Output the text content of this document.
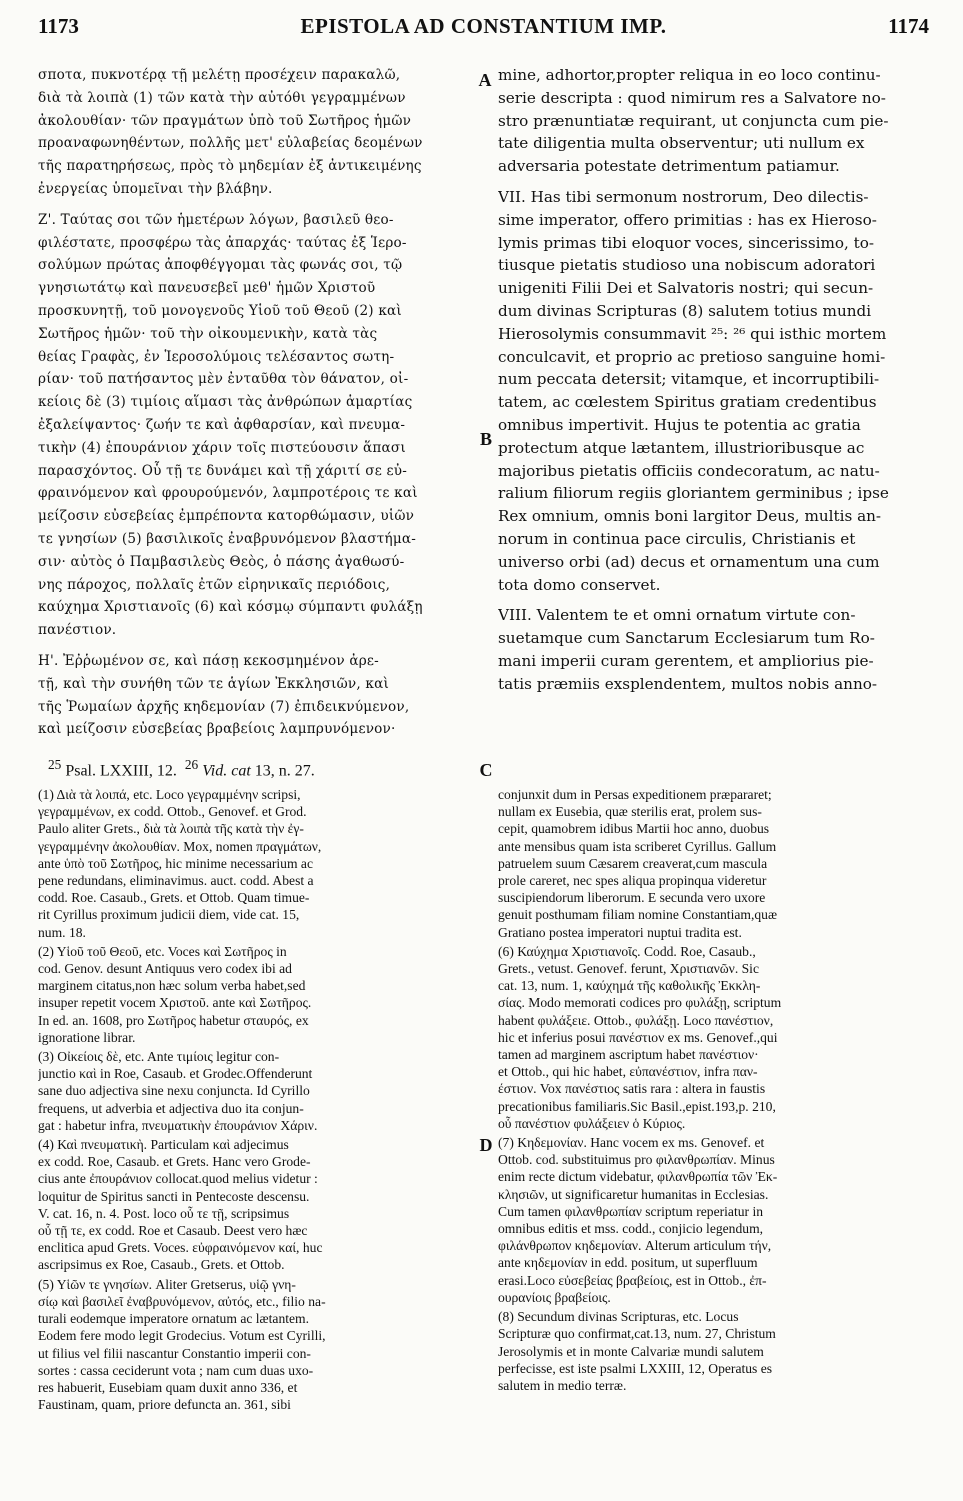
1173	EPISTOLA AD CONSTANTIUM IMP.	1174

σποτα, πυκνοτέρᾳ τῇ μελέτῃ προσέχειν παρακαλῶ,
διὰ τὰ λοιπὰ (1) τῶν κατὰ τὴν αὐτόθι γεγραμμένων
ἀκολουθίαν· τῶν πραγμάτων ὑπὸ τοῦ Σωτῆρος ἡμῶν
προαναφωνηθέντων, πολλῆς μετ' εὐλαβείας δεομένων
τῆς παρατηρήσεως, πρὸς τὸ μηδεμίαν ἐξ ἀντικειμένης
ἐνεργείας ὑπομεῖναι τὴν βλάβην.

Ζ'. Ταύτας σοι τῶν ἡμετέρων λόγων, βασιλεῦ θεο-
φιλέστατε, προσφέρω τὰς ἀπαρχάς· ταύτας ἐξ Ἱερο-
σολύμων πρώτας ἀποφθέγγομαι τὰς φωνάς σοι, τῷ
γνησιωτάτῳ καὶ πανευσεβεῖ μεθ' ἡμῶν Χριστοῦ
προσκυνητῇ, τοῦ μονογενοῦς Υἱοῦ τοῦ Θεοῦ (2) καὶ
Σωτῆρος ἡμῶν· τοῦ τὴν οἰκουμενικὴν, κατὰ τὰς
θείας Γραφὰς, ἐν Ἱεροσολύμοις τελέσαντος σωτη-
ρίαν· τοῦ πατήσαντος μὲν ἐνταῦθα τὸν θάνατον, οἰ-
κείοις δὲ (3) τιμίοις αἵμασι τὰς ἀνθρώπων ἁμαρτίας
ἐξαλείψαντος· ζωήν τε καὶ ἀφθαρσίαν, καὶ πνευμα-
τικὴν (4) ἐπουράνιον χάριν τοῖς πιστεύουσιν ἅπασι
παρασχόντος. Οὗ τῇ τε δυνάμει καὶ τῇ χάριτί σε εὐ-
φραινόμενον καὶ φρουρούμενόν, λαμπροτέροις τε καὶ
μείζοσιν εὐσεβείας ἐμπρέποντα κατορθώμασιν, υἱῶν
τε γνησίων (5) βασιλικοῖς ἐναβρυνόμενον βλαστήμα-
σιν· αὐτὸς ὁ Παμβασιλεὺς Θεὸς, ὁ πάσης ἀγαθωσύ-
νης πάροχος, πολλαῖς ἐτῶν εἰρηνικαῖς περιόδοις,
καύχημα Χριστιανοῖς (6) καὶ κόσμῳ σύμπαντι φυλάξῃ
πανέστιον.

Η'. Ἐῤῥωμένον σε, καὶ πάσῃ κεκοσμημένον ἀρε-
τῇ, καὶ τὴν συνήθη τῶν τε ἁγίων Ἐκκλησιῶν, καὶ
τῆς Ῥωμαίων ἀρχῆς κηδεμονίαν (7) ἐπιδεικνύμενον,
καὶ μείζοσιν εὐσεβείας βραβείοις λαμπρυνόμενον·

mine, adhortor,propter reliqua in eo loco continu-
serie descripta : quod nimirum res a Salvatore no-
stro prænuntiatæ requirant, ut conjuncta cum pie-
tate diligentia multa observentur; uti nullum ex
adversaria potestate detrimentum patiamur.

VII. Has tibi sermonum nostrorum, Deo dilectis-
sime imperator, offero primitias : has ex Hieroso-
lymis primas tibi eloquor voces, sincerissimo, to-
tiusque pietatis studioso una nobiscum adoratori
unigeniti Filii Dei et Salvatoris nostri; qui secun-
dum divinas Scripturas (8) salutem totius mundi
Hierosolymis consummavit ²⁵: ²⁶ qui isthic mortem
conculcavit, et proprio ac pretioso sanguine homi-
num peccata detersit; vitamque, et incorruptibili-
tatem, ac cœlestem Spiritus gratiam credentibus
omnibus impertivit. Hujus te potentia ac gratia
protectum atque lætantem, illustrioribusque ac
majoribus pietatis officiis condecoratum, ac natu-
ralium filiorum regiis gloriantem germinibus ; ipse
Rex omnium, omnis boni largitor Deus, multis an-
norum in continua pace circulis, Christianis et
universo orbi (ad) decus et ornamentum una cum
tota domo conservet.

VIII. Valentem te et omni ornatum virtute con-
suetamque cum Sanctarum Ecclesiarum tum Ro-
mani imperii curam gerentem, et ampliorius pie-
tatis præmiis exsplendentem, multos nobis anno-

A
B
C
D
$^{25}$ Psal. LXXIII, 12. $^{26}$ Vid. cat 13, n. 27.

(1) Διὰ τὰ λοιπά, etc. Loco γεγραμμένην scripsi,
γεγραμμένων, ex codd. Ottob., Genovef. et Grod.
Paulo aliter Grets., διὰ τὰ λοιπὰ τῆς κατὰ τὴν ἐγ-
γεγραμμένην ἀκολουθίαν. Mox, nomen πραγμάτων,
ante ὑπὸ τοῦ Σωτῆρος, hic minime necessarium ac
pene redundans, eliminavimus. auct. codd. Abest a
codd. Roe. Casaub., Grets. et Ottob. Quam timue-
rit Cyrillus proximum judicii diem, vide cat. 15,
num. 18.

(2) Υἱοῦ τοῦ Θεοῦ, etc. Voces καὶ Σωτῆρος in
cod. Genov. desunt Antiquus vero codex ibi ad
marginem citatus,non hæc solum verba habet,sed
insuper repetit vocem Χριστοῦ. ante καὶ Σωτῆρος.
In ed. an. 1608, pro Σωτῆρος habetur σταυρός, ex
ignoratione librar.

(3) Οἰκείοις δὲ, etc. Ante τιμίοις legitur con-
junctio καὶ in Roe, Casaub. et Grodec.Offenderunt
sane duo adjectiva sine nexu conjuncta. Id Cyrillo
frequens, ut adverbia et adjectiva duo ita conjun-
gat : habetur infra, πνευματικὴν ἐπουράνιον Χάριν.

(4) Καὶ πνευματικὴ. Particulam καὶ adjecimus
ex codd. Roe, Casaub. et Grets. Hanc vero Grode-
cius ante ἐπουράνιον collocat.quod melius videtur :
loquitur de Spiritus sancti in Pentecoste descensu.
V. cat. 16, n. 4. Post. loco οὗ τε τῇ, scripsimus
οὗ τῇ τε, ex codd. Roe et Casaub. Deest vero hæc
enclitica apud Grets. Voces. εὐφραινόμενον καί, huc
ascripsimus ex Roe, Casaub., Grets. et Ottob.

(5) Υἱῶν τε γνησίων. Aliter Gretserus, υἱῷ γνη-
σίῳ καὶ βασιλεῖ ἐναβρυνόμενον, αὐτός, etc., filio na-
turali eodemque imperatore ornatum ac lætantem.
Eodem fere modo legit Grodecius. Votum est Cyrilli,
ut filius vel filii nascantur Constantio imperii con-
sortes : cassa ceciderunt vota ; nam cum duas uxo-
res habuerit, Eusebiam quam duxit anno 336, et
Faustinam, quam, priore defuncta an. 361, sibi

conjunxit dum in Persas expeditionem præpararet;
nullam ex Eusebia, quæ sterilis erat, prolem sus-
cepit, quamobrem idibus Martii hoc anno, duobus
ante mensibus quam ista scriberet Cyrillus. Gallum
patruelem suum Cæsarem creaverat,cum mascula
prole careret, nec spes aliqua propinqua videretur
suscipiendorum liberorum. E secunda vero uxore
genuit posthumam filiam nomine Constantiam,quæ
Gratiano postea imperatori nuptui tradita est.

(6) Καύχημα Χριστιανοῖς. Codd. Roe, Casaub.,
Grets., vetust. Genovef. ferunt, Χριστιανῶν. Sic
cat. 13, num. 1, καύχημά τῆς καθολικῆς Ἐκκλη-
σίας. Modo memorati codices pro φυλάξῃ, scriptum
habent φυλάξειε. Ottob., φυλάξῃ. Loco πανέστιον,
hic et inferius posui πανέστιον ex ms. Genovef.,qui
tamen ad marginem ascriptum habet πανέστιον·
et Ottob., qui hic habet, εὐπανέστιον, infra παν-
έστιον. Vox πανέστιος satis rara : altera in faustis
precationibus familiaris.Sic Basil.,epist.193,p. 210,
οὗ πανέστιον φυλάξειεν ὁ Κύριος.

(7) Κηδεμονίαν. Hanc vocem ex ms. Genovef. et
Ottob. cod. substituimus pro φιλανθρωπίαν. Minus
enim recte dictum videbatur, φιλανθρωπία τῶν Ἐκ-
κλησιῶν, ut significaretur humanitas in Ecclesias.
Cum tamen φιλανθρωπίαν scriptum reperiatur in
omnibus editis et mss. codd., conjicio legendum,
φιλάνθρωπον κηδεμονίαν. Alterum articulum τήν,
ante κηδεμονίαν in edd. positum, ut superfluum
erasi.Loco εὐσεβείας βραβείοις, est in Ottob., ἐπ-
ουρανίοις βραβείοις.

(8) Secundum divinas Scripturas, etc. Locus
Scripturæ quo confirmat,cat.13, num. 27, Christum
Jerosolymis et in monte Calvariæ mundi salutem
perfecisse, est iste psalmi LXXIII, 12, Operatus es
salutem in medio terræ.
